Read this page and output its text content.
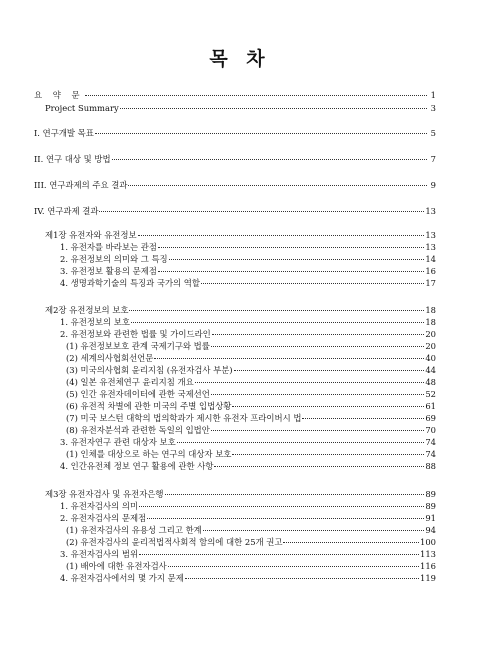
목 차
요 약 문	1
Project Summary	3
I. 연구개발 목표	5
II. 연구 대상 및 방법	7
III. 연구과제의 주요 결과	9
IV. 연구과제 결과	13
제1장 유전자와 유전정보	13
1. 유전자를 바라보는 관점	13
2. 유전정보의 의미와 그 특징	14
3. 유전정보 활용의 문제점	16
4. 생명과학기술의 특징과 국가의 역할	17
제2장 유전정보의 보호	18
1. 유전정보의 보호	18
2. 유전정보와 관련한 법률 및 가이드라인	20
(1) 유전정보보호 관계 국제기구와 법률	20
(2) 세계의사협회선언문	40
(3) 미국의사협회 윤리지침 (유전자검사 부분)	44
(4) 일본 유전체연구 윤리지침 개요	48
(5) 인간 유전자데이터에 관한 국제선언	52
(6) 유전적 차별에 관한 미국의 주별 입법상황	61
(7) 미국 보스턴 대학의 법의학과가 제시한 유전자 프라이버시 법	69
(8) 유전자분석과 관련한 독일의 입법안	70
3. 유전자연구 관련 대상자 보호	74
(1) 인체를 대상으로 하는 연구의 대상자 보호	74
4. 인간유전체 정보 연구 활용에 관한 사항	88
제3장 유전자검사 및 유전자은행	89
1. 유전자검사의 의미	89
2. 유전자검사의 문제점	91
(1) 유전자검사의 유용성 그리고 한계	94
(2) 유전자검사의 윤리적법적사회적 함의에 대한 25개 권고	100
3. 유전자검사의 범위	113
(1) 배아에 대한 유전자검사	116
4. 유전자검사에서의 몇 가지 문제	119
